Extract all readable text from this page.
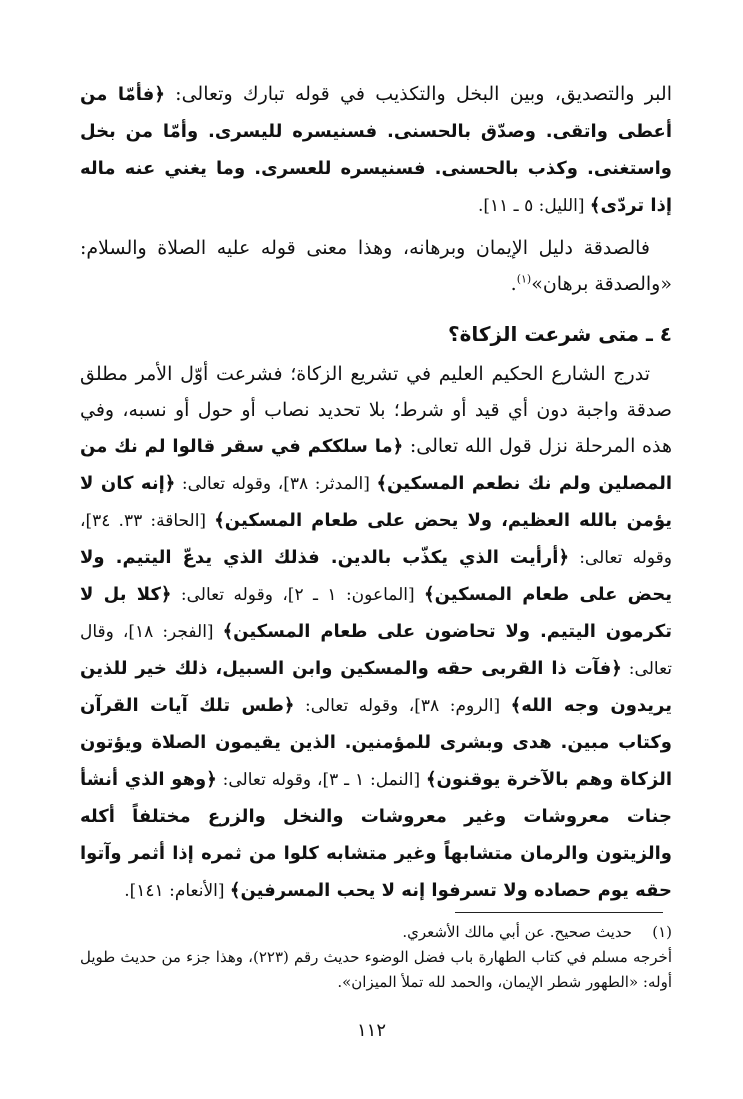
البر والتصديق، وبين البخل والتكذيب في قوله تبارك وتعالى: ﴿فأمّا من أعطى واتقى. وصدّق بالحسنى. فسنيسره لليسرى. وأمّا من بخل واستغنى. وكذب بالحسنى. فسنيسره للعسرى. وما يغني عنه ماله إذا تردّى﴾ [الليل: ٥ ـ ١١].

فالصدقة دليل الإيمان وبرهانه، وهذا معنى قوله عليه الصلاة والسلام: «والصدقة برهان»$^{(١)}$.

٤ ـ متى شرعت الزكاة؟

تدرج الشارع الحكيم العليم في تشريع الزكاة؛ فشرعت أوّل الأمر مطلق صدقة واجبة دون أي قيد أو شرط؛ بلا تحديد نصاب أو حول أو نسبه، وفي هذه المرحلة نزل قول الله تعالى: ﴿ما سلككم في سقر قالوا لم نك من المصلين ولم نك نطعم المسكين﴾ [المدثر: ٣٨]، وقوله تعالى: ﴿إنه كان لا يؤمن بالله العظيم، ولا يحض على طعام المسكين﴾ [الحاقة: ٣٣. ٣٤]، وقوله تعالى: ﴿أرأيت الذي يكذّب بالدين. فذلك الذي يدعّ اليتيم. ولا يحض على طعام المسكين﴾ [الماعون: ١ ـ ٢]، وقوله تعالى: ﴿كلا بل لا تكرمون اليتيم. ولا تحاضون على طعام المسكين﴾ [الفجر: ١٨]، وقال تعالى: ﴿فآت ذا القربى حقه والمسكين وابن السبيل، ذلك خير للذين يريدون وجه الله﴾ [الروم: ٣٨]، وقوله تعالى: ﴿طس تلك آيات القرآن وكتاب مبين. هدى وبشرى للمؤمنين. الذين يقيمون الصلاة ويؤتون الزكاة وهم بالآخرة يوقنون﴾ [النمل: ١ ـ ٣]، وقوله تعالى: ﴿وهو الذي أنشأ جنات معروشات وغير معروشات والنخل والزرع مختلفاً أكله والزيتون والرمان متشابهاً وغير متشابه كلوا من ثمره إذا أثمر وآتوا حقه يوم حصاده ولا تسرفوا إنه لا يحب المسرفين﴾ [الأنعام: ١٤١].

(١)
حديث صحيح. عن أبي مالك الأشعري.
أخرجه مسلم في كتاب الطهارة باب فضل الوضوء حديث رقم (٢٢٣)، وهذا جزء من حديث طويل أوله: «الطهور شطر الإيمان، والحمد لله تملأ الميزان».
١١٢
